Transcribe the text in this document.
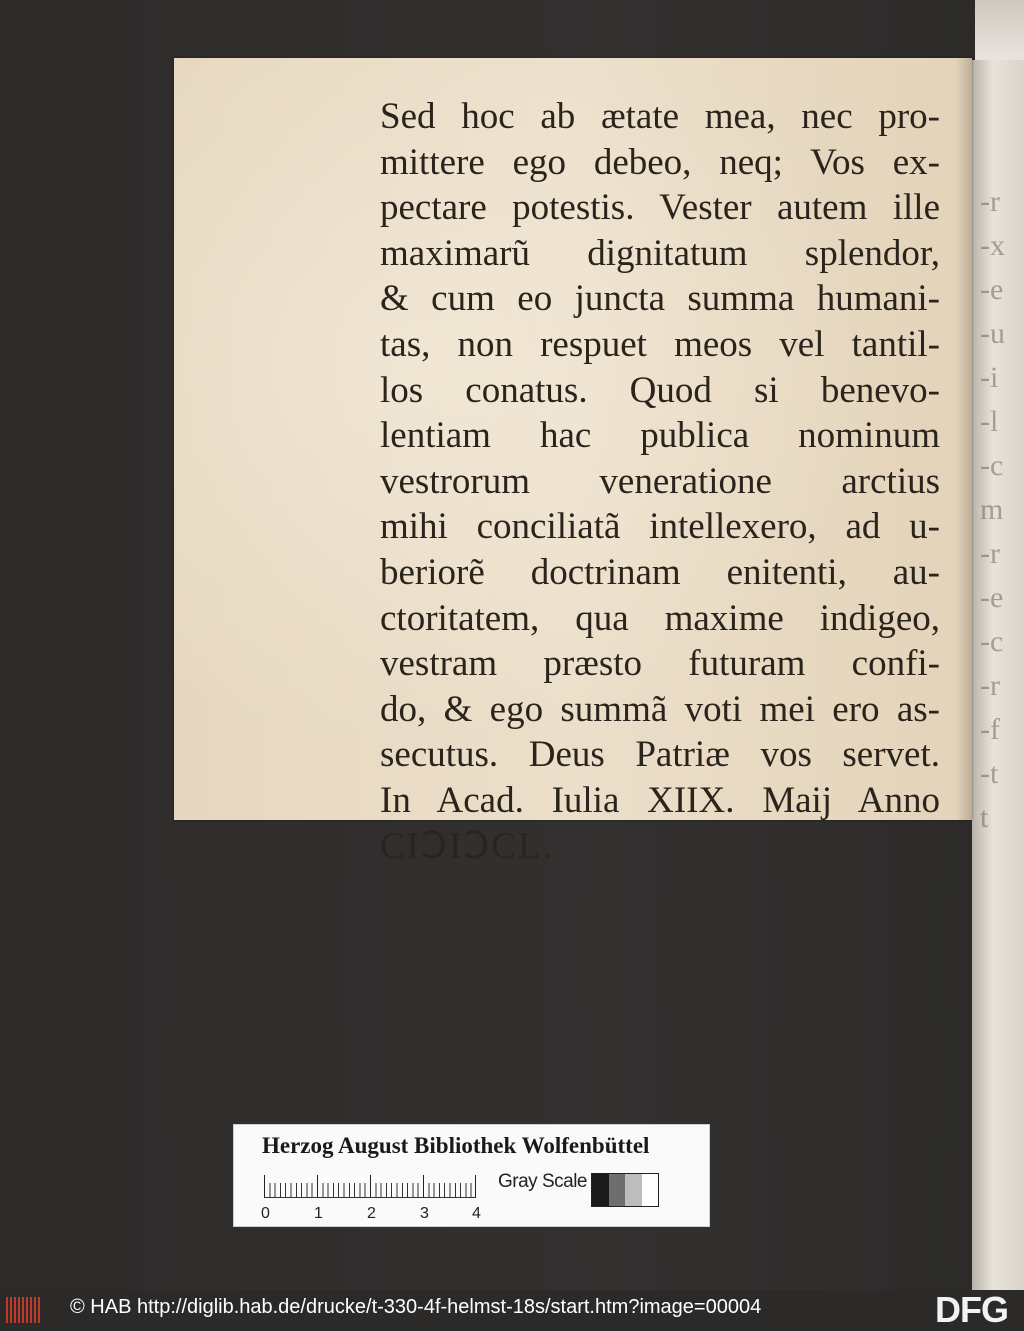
-r
-x
-e
-u
-i
-l
-c
m
-r
-e
-c
-r
-f
-t
t
Sed hoc ab ætate mea, nec pro-
mittere ego debeo, neq; Vos ex-
pectare potestis. Vester autem ille
maximarũ dignitatum splendor,
& cum eo juncta summa humani-
tas, non respuet meos vel tantil-
los conatus. Quod si benevo-
lentiam hac publica nominum
vestrorum veneratione arctius
mihi conciliatã intellexero, ad u-
beriorẽ doctrinam enitenti, au-
ctoritatem, qua maxime indigeo,
vestram præsto futuram confi-
do, & ego summã voti mei ero as-
secutus. Deus Patriæ vos servet.
In Acad. Iulia XIIX. Maij Anno
CIↃIↃCL.
Herzog August Bibliothek Wolfenbüttel
0	1	2	3	4
Gray Scale
© HAB http://diglib.hab.de/drucke/t-330-4f-helmst-18s/start.htm?image=00004	DFG
